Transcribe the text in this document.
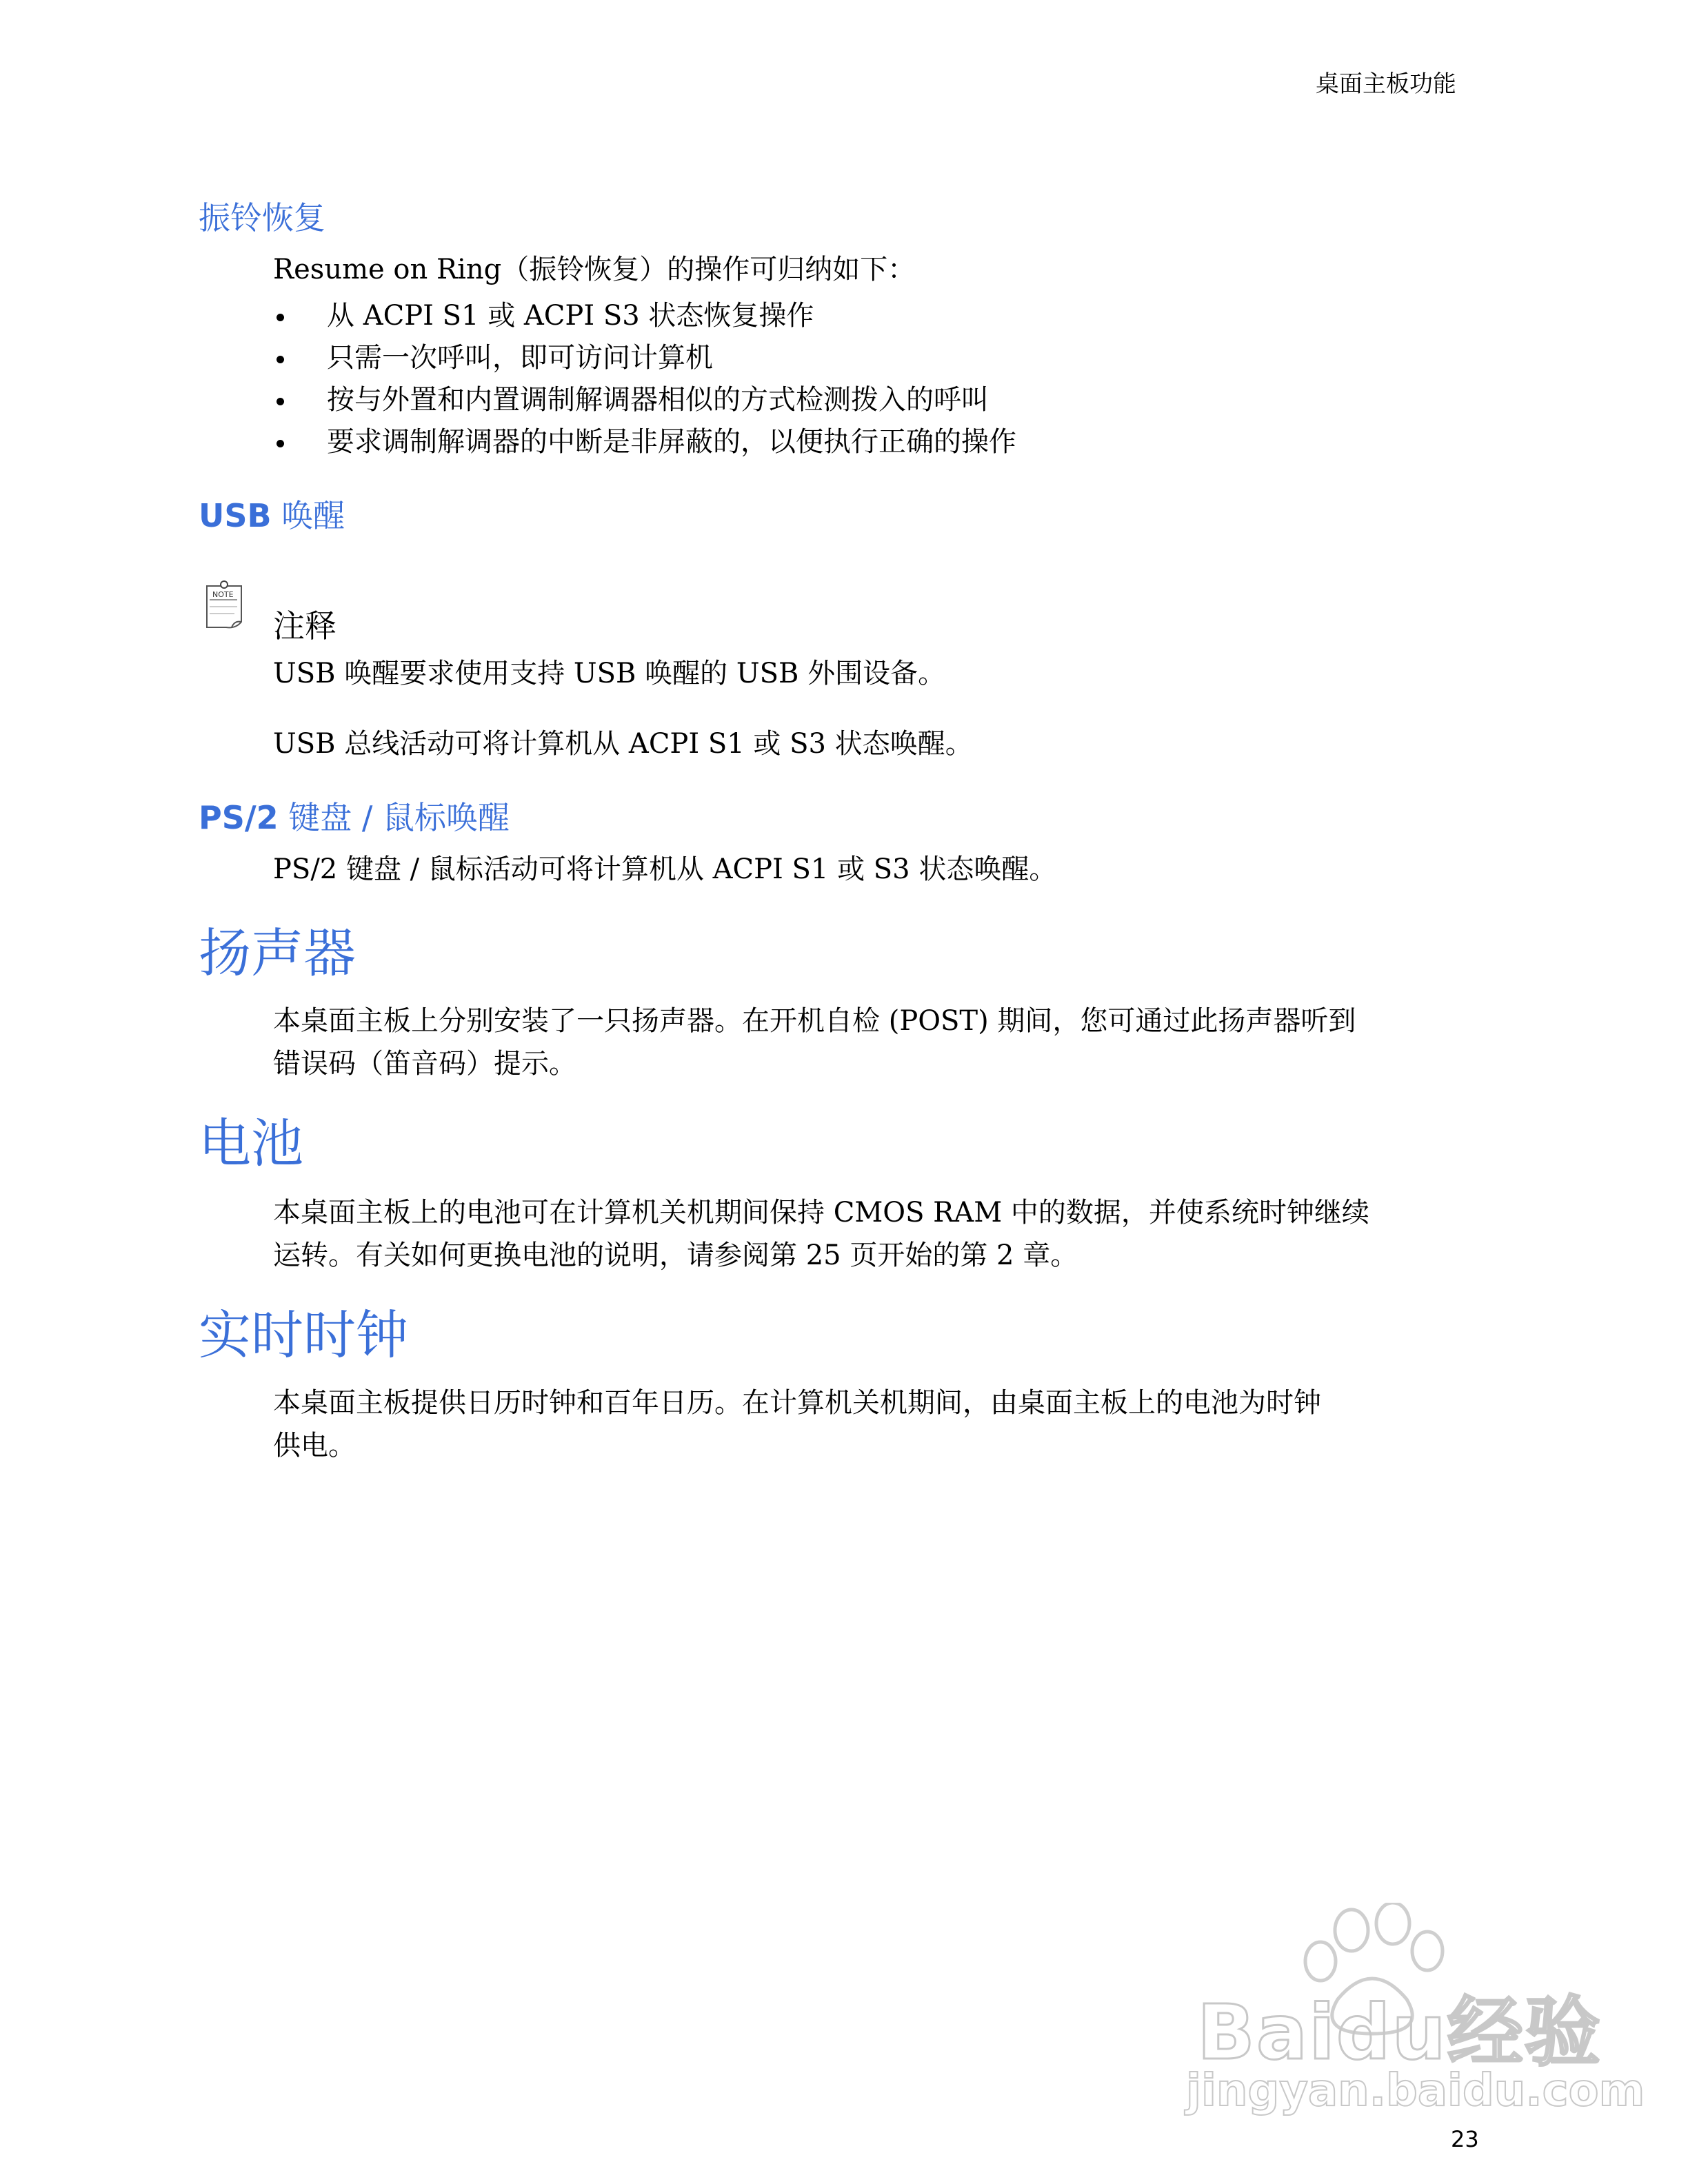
桌面主板功能
振铃恢复

Resume on Ring（振铃恢复）的操作可归纳如下：

从 ACPI S1 或 ACPI S3 状态恢复操作
只需一次呼叫，即可访问计算机
按与外置和内置调制解调器相似的方式检测拨入的呼叫
要求调制解调器的中断是非屏蔽的，以便执行正确的操作
USB 唤醒
NOTE
注释

USB 唤醒要求使用支持 USB 唤醒的 USB 外围设备。

USB 总线活动可将计算机从 ACPI S1 或 S3 状态唤醒。

PS/2 键盘 / 鼠标唤醒

PS/2 键盘 / 鼠标活动可将计算机从 ACPI S1 或 S3 状态唤醒。

扬声器

本桌面主板上分别安装了一只扬声器。在开机自检 (POST) 期间，您可通过此扬声器听到
错误码（笛音码）提示。

电池

本桌面主板上的电池可在计算机关机期间保持 CMOS RAM 中的数据，并使系统时钟继续
运转。有关如何更换电池的说明，请参阅第 25 页开始的第 2 章。

实时时钟

本桌面主板提供日历时钟和百年日历。在计算机关机期间，由桌面主板上的电池为时钟
供电。

Baidu经验
jingyan.baidu.com
23
